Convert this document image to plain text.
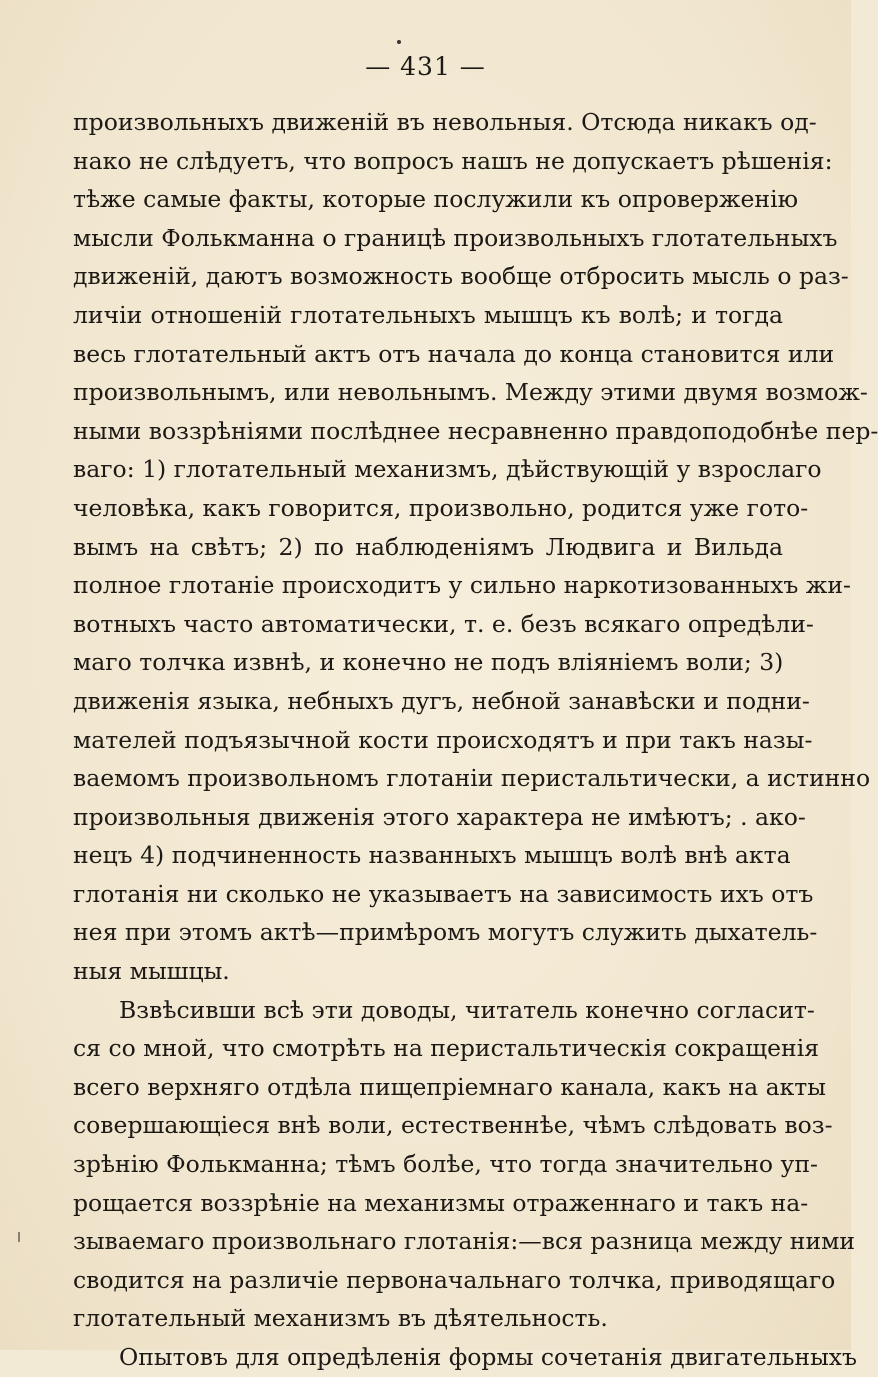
— 431 —
произвольныхъ движеній въ невольныя. Отсюда никакъ од-
нако не слѣдуетъ, что вопросъ нашъ не допускаетъ рѣшенія:
тѣже самые факты, которые послужили къ опроверженію
мысли Фолькманна о границѣ произвольныхъ глотательныхъ
движеній, даютъ возможность вообще отбросить мысль о раз-
личіи отношеній глотательныхъ мышцъ къ волѣ; и тогда
весь глотательный актъ отъ начала до конца становится или
произвольнымъ, или невольнымъ. Между этими двумя возмож-
ными воззрѣніями послѣднее несравненно правдоподобнѣе пер-
ваго: 1) глотательный механизмъ, дѣйствующій у взрослаго
человѣка, какъ говорится, произвольно, родится уже гото-
вымъ на свѣтъ; 2) по наблюденіямъ Людвига и Вильда
полное глотаніе происходитъ у сильно наркотизованныхъ жи-
вотныхъ часто автоматически, т. е. безъ всякаго опредѣли-
маго толчка извнѣ, и конечно не подъ вліяніемъ воли; 3)
движенія языка, небныхъ дугъ, небной занавѣски и подни-
мателей подъязычной кости происходятъ и при такъ назы-
ваемомъ произвольномъ глотаніи перистальтически, а истинно
произвольныя движенія этого характера не имѣютъ; . ако-
нецъ 4) подчиненность названныхъ мышцъ волѣ внѣ акта
глотанія ни сколько не указываетъ на зависимость ихъ отъ
нея при этомъ актѣ—примѣромъ могутъ служить дыхатель-
ныя мышцы.
Взвѣсивши всѣ эти доводы, читатель конечно согласит-
ся со мной, что смотрѣть на перистальтическія сокращенія
всего верхняго отдѣла пищепріемнаго канала, какъ на акты
совершающіеся внѣ воли, естественнѣе, чѣмъ слѣдовать воз-
зрѣнію Фолькманна; тѣмъ болѣе, что тогда значительно уп-
рощается воззрѣніе на механизмы отраженнаго и такъ на-
зываемаго произвольнаго глотанія:—вся разница между ними
сводится на различіе первоначальнаго толчка, приводящаго
глотательный механизмъ въ дѣятельность.
Опытовъ для опредѣленія формы сочетанія двигательныхъ
